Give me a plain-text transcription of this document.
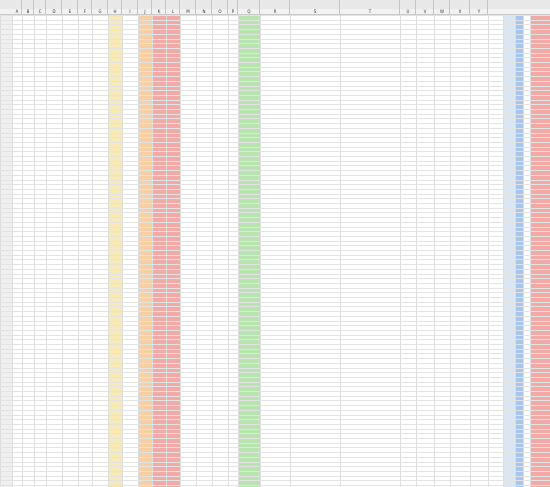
A	B	C	D	E	F	G	H	I	J	K	L	M	N	O	P	Q	R	S	T	U	V	W	X	Y
